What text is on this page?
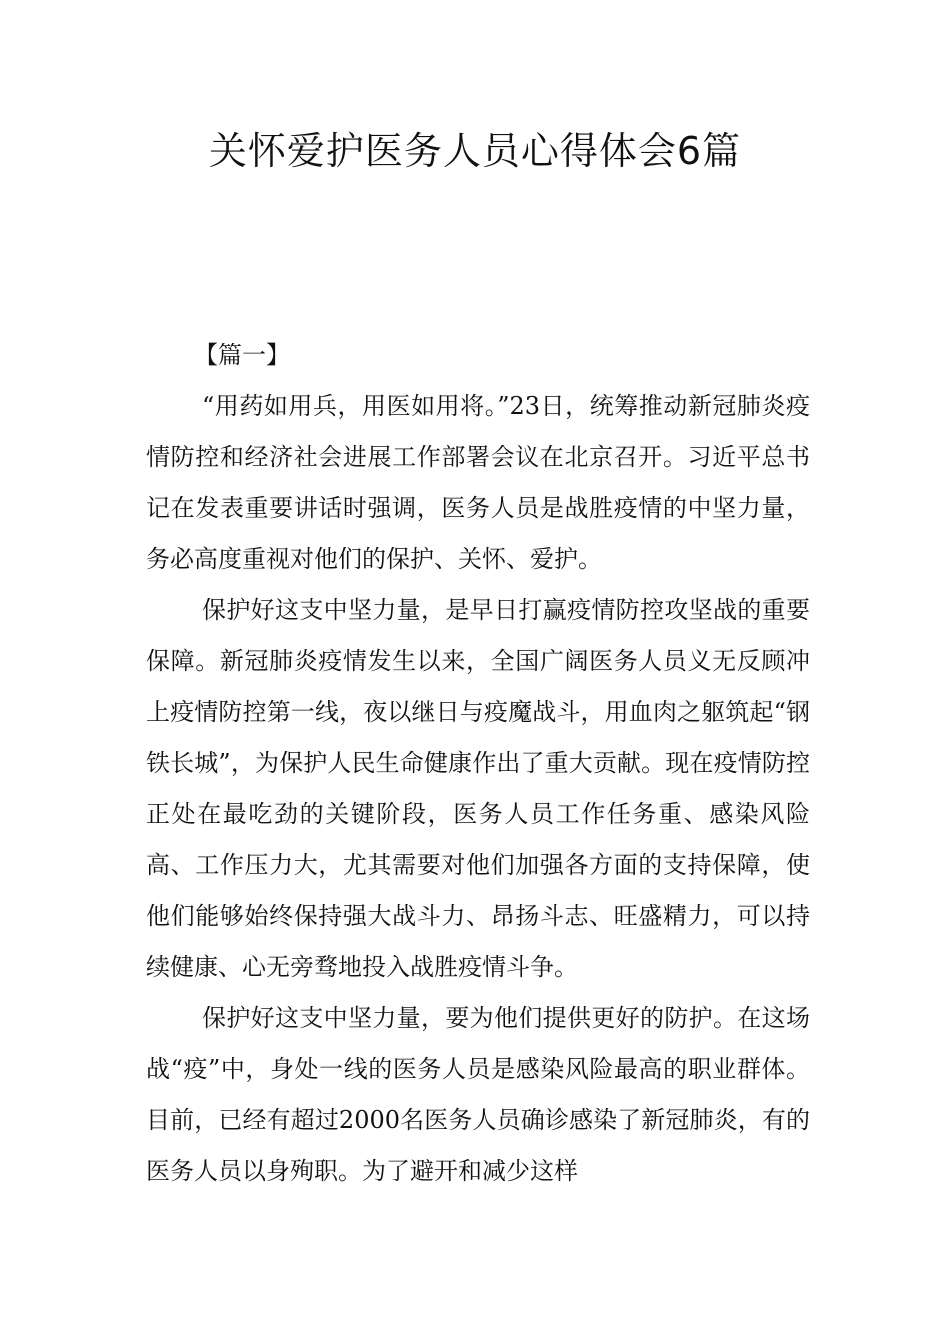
关怀爱护医务人员心得体会6篇

【篇一】

“用药如用兵，用医如用将。”23日，统筹推动新冠肺炎疫情防控和经济社会进展工作部署会议在北京召开。习近平总书记在发表重要讲话时强调，医务人员是战胜疫情的中坚力量，务必高度重视对他们的保护、关怀、爱护。

保护好这支中坚力量，是早日打赢疫情防控攻坚战的重要保障。新冠肺炎疫情发生以来，全国广阔医务人员义无反顾冲上疫情防控第一线，夜以继日与疫魔战斗，用血肉之躯筑起“钢铁长城”，为保护人民生命健康作出了重大贡献。现在疫情防控正处在最吃劲的关键阶段，医务人员工作任务重、感染风险高、工作压力大，尤其需要对他们加强各方面的支持保障，使他们能够始终保持强大战斗力、昂扬斗志、旺盛精力，可以持续健康、心无旁骛地投入战胜疫情斗争。

保护好这支中坚力量，要为他们提供更好的防护。在这场战“疫”中，身处一线的医务人员是感染风险最高的职业群体。目前，已经有超过2000名医务人员确诊感染了新冠肺炎，有的医务人员以身殉职。为了避开和减少这样
